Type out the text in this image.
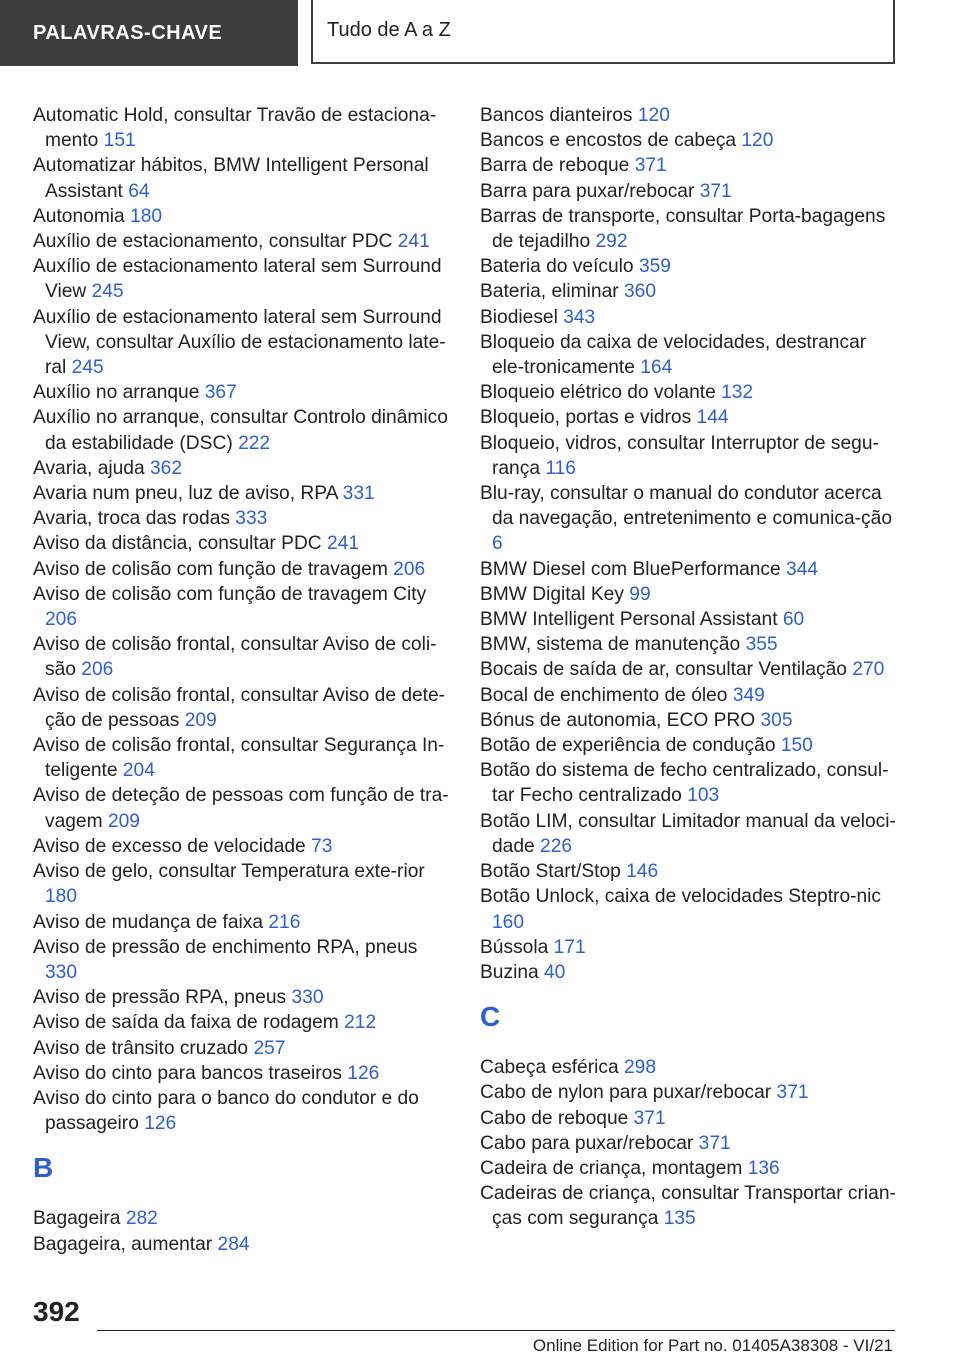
PALAVRAS-CHAVE	Tudo de A a Z
Automatic Hold, consultar Travão de estaciona-mento 151
Automatizar hábitos, BMW Intelligent Personal Assistant 64
Autonomia 180
Auxílio de estacionamento, consultar PDC 241
Auxílio de estacionamento lateral sem Surround View 245
Auxílio de estacionamento lateral sem Surround View, consultar Auxílio de estacionamento late-ral 245
Auxílio no arranque 367
Auxílio no arranque, consultar Controlo dinâmico da estabilidade (DSC) 222
Avaria, ajuda 362
Avaria num pneu, luz de aviso, RPA 331
Avaria, troca das rodas 333
Aviso da distância, consultar PDC 241
Aviso de colisão com função de travagem 206
Aviso de colisão com função de travagem City 206
Aviso de colisão frontal, consultar Aviso de coli-são 206
Aviso de colisão frontal, consultar Aviso de dete-ção de pessoas 209
Aviso de colisão frontal, consultar Segurança In-teligente 204
Aviso de deteção de pessoas com função de tra-vagem 209
Aviso de excesso de velocidade 73
Aviso de gelo, consultar Temperatura exte-rior 180
Aviso de mudança de faixa 216
Aviso de pressão de enchimento RPA, pneus 330
Aviso de pressão RPA, pneus 330
Aviso de saída da faixa de rodagem 212
Aviso de trânsito cruzado 257
Aviso do cinto para bancos traseiros 126
Aviso do cinto para o banco do condutor e do passageiro 126
B
Bagageira 282
Bagageira, aumentar 284
Bancos dianteiros 120
Bancos e encostos de cabeça 120
Barra de reboque 371
Barra para puxar/rebocar 371
Barras de transporte, consultar Porta-bagagens de tejadilho 292
Bateria do veículo 359
Bateria, eliminar 360
Biodiesel 343
Bloqueio da caixa de velocidades, destrancar ele-tronicamente 164
Bloqueio elétrico do volante 132
Bloqueio, portas e vidros 144
Bloqueio, vidros, consultar Interruptor de segu-rança 116
Blu-ray, consultar o manual do condutor acerca da navegação, entretenimento e comunica-ção 6
BMW Diesel com BluePerformance 344
BMW Digital Key 99
BMW Intelligent Personal Assistant 60
BMW, sistema de manutenção 355
Bocais de saída de ar, consultar Ventilação 270
Bocal de enchimento de óleo 349
Bónus de autonomia, ECO PRO 305
Botão de experiência de condução 150
Botão do sistema de fecho centralizado, consul-tar Fecho centralizado 103
Botão LIM, consultar Limitador manual da veloci-dade 226
Botão Start/Stop 146
Botão Unlock, caixa de velocidades Steptro-nic 160
Bússola 171
Buzina 40
C
Cabeça esférica 298
Cabo de nylon para puxar/rebocar 371
Cabo de reboque 371
Cabo para puxar/rebocar 371
Cadeira de criança, montagem 136
Cadeiras de criança, consultar Transportar crian-ças com segurança 135
392
Online Edition for Part no. 01405A38308 - VI/21
